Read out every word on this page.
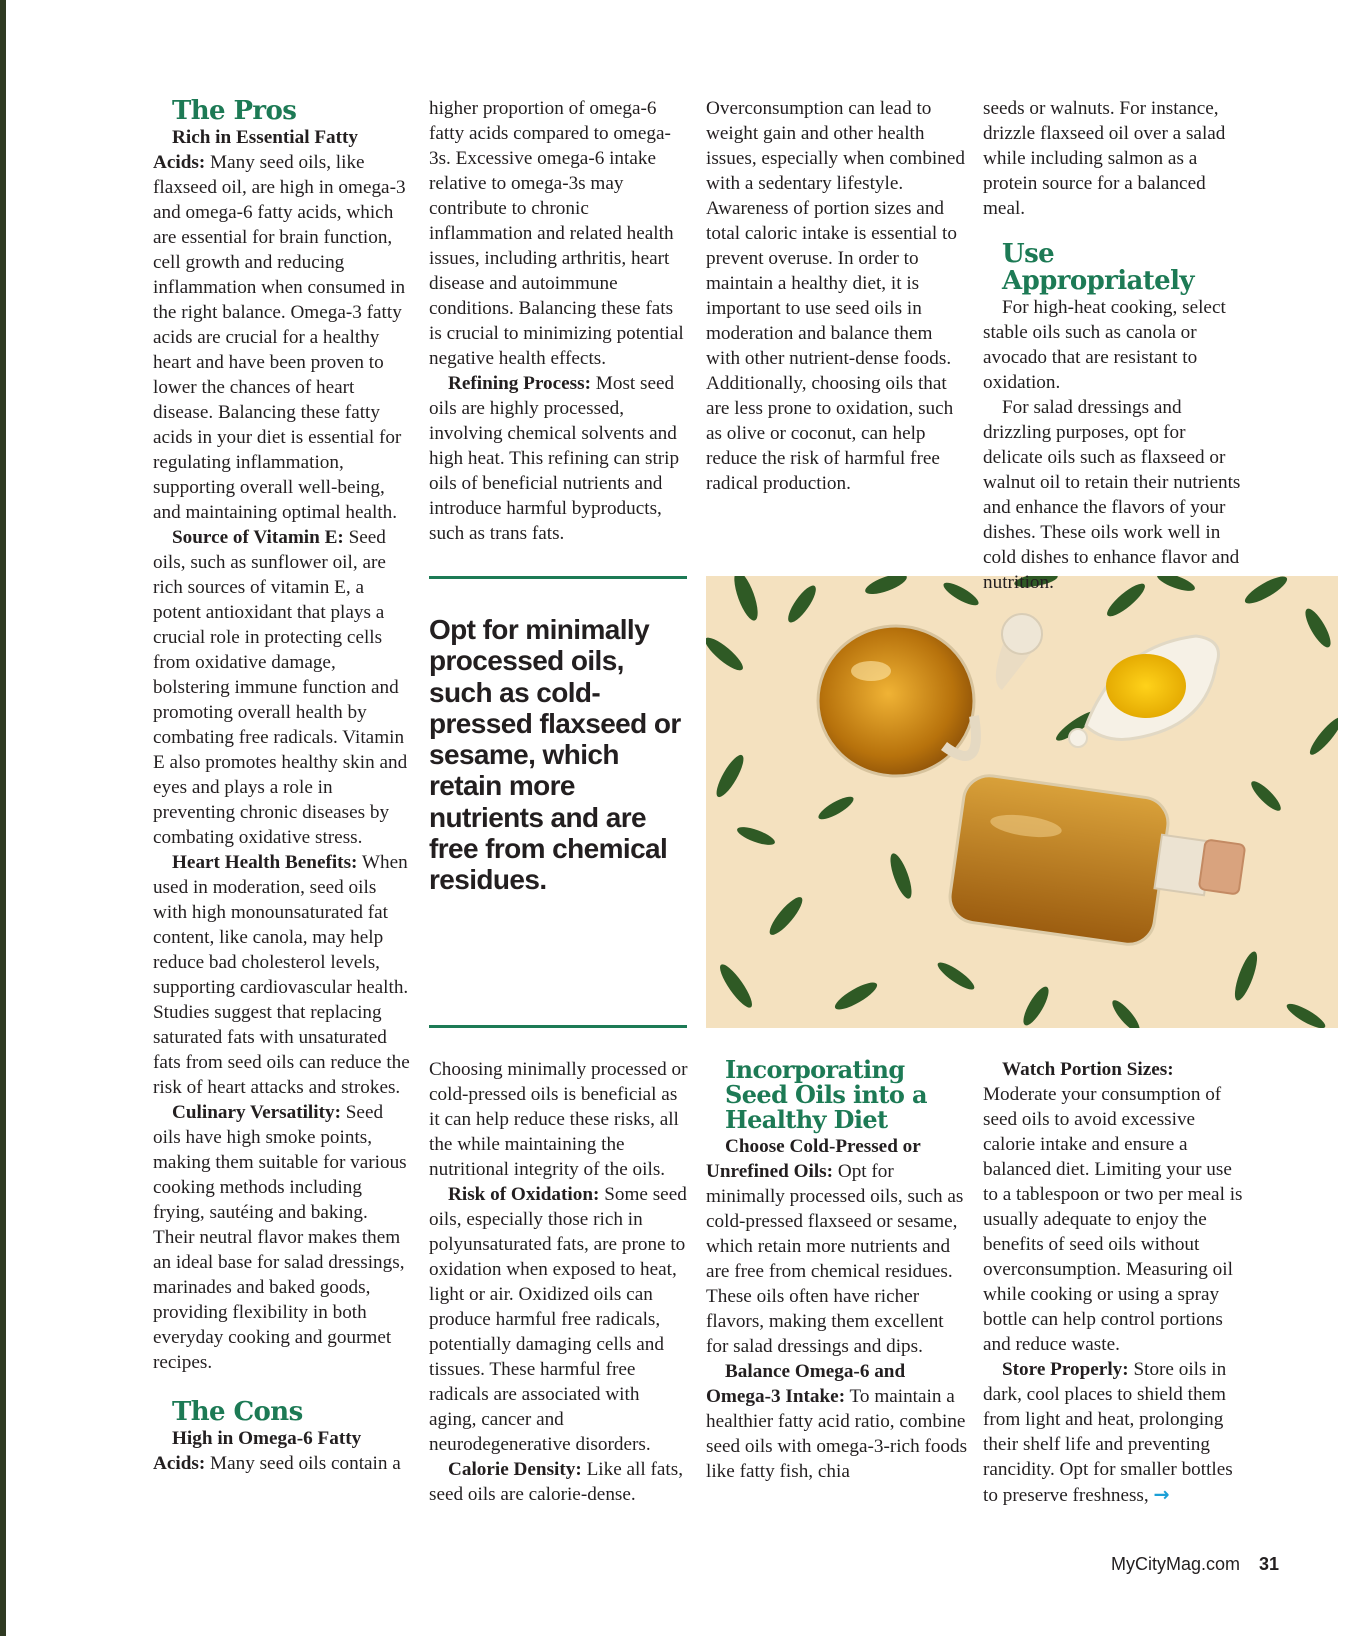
The Pros

Rich in Essential Fatty Acids: Many seed oils, like flaxseed oil, are high in omega-3 and omega-6 fatty acids, which are essential for brain function, cell growth and reducing inflammation when consumed in the right balance. Omega-3 fatty acids are crucial for a healthy heart and have been proven to lower the chances of heart disease. Balancing these fatty acids in your diet is essential for regulating inflammation, supporting overall well-being, and maintaining optimal health.

Source of Vitamin E: Seed oils, such as sunflower oil, are rich sources of vitamin E, a potent antioxidant that plays a crucial role in protecting cells from oxidative damage, bolstering immune function and promoting overall health by combating free radicals. Vitamin E also promotes healthy skin and eyes and plays a role in preventing chronic diseases by combating oxidative stress.

Heart Health Benefits: When used in moderation, seed oils with high monounsaturated fat content, like canola, may help reduce bad cholesterol levels, supporting cardiovascular health. Studies suggest that replacing saturated fats with unsaturated fats from seed oils can reduce the risk of heart attacks and strokes.

Culinary Versatility: Seed oils have high smoke points, making them suitable for various cooking methods including frying, sautéing and baking. Their neutral flavor makes them an ideal base for salad dressings, marinades and baked goods, providing flexibility in both everyday cooking and gourmet recipes.

The Cons

High in Omega-6 Fatty Acids: Many seed oils contain a

higher proportion of omega-6 fatty acids compared to omega-3s. Excessive omega-6 intake relative to omega-3s may contribute to chronic inflammation and related health issues, including arthritis, heart disease and autoimmune conditions. Balancing these fats is crucial to minimizing potential negative health effects.

Refining Process: Most seed oils are highly processed, involving chemical solvents and high heat. This refining can strip oils of beneficial nutrients and introduce harmful byproducts, such as trans fats.

Opt for minimally processed oils, such as cold-pressed flaxseed or sesame, which retain more nutrients and are free from chemical residues.

Choosing minimally processed or cold-pressed oils is beneficial as it can help reduce these risks, all the while maintaining the nutritional integrity of the oils.

Risk of Oxidation: Some seed oils, especially those rich in polyunsaturated fats, are prone to oxidation when exposed to heat, light or air. Oxidized oils can produce harmful free radicals, potentially damaging cells and tissues. These harmful free radicals are associated with aging, cancer and neurodegenerative disorders.

Calorie Density: Like all fats, seed oils are calorie-dense.

Overconsumption can lead to weight gain and other health issues, especially when combined with a sedentary lifestyle. Awareness of portion sizes and total caloric intake is essential to prevent overuse. In order to maintain a healthy diet, it is important to use seed oils in moderation and balance them with other nutrient-dense foods. Additionally, choosing oils that are less prone to oxidation, such as olive or coconut, can help reduce the risk of harmful free radical production.

Incorporating Seed Oils into a Healthy Diet

Choose Cold-Pressed or Unrefined Oils: Opt for minimally processed oils, such as cold-pressed flaxseed or sesame, which retain more nutrients and are free from chemical residues. These oils often have richer flavors, making them excellent for salad dressings and dips.

Balance Omega-6 and Omega-3 Intake: To maintain a healthier fatty acid ratio, combine seed oils with omega-3-rich foods like fatty fish, chia

seeds or walnuts. For instance, drizzle flaxseed oil over a salad while including salmon as a protein source for a balanced meal.

Use Appropriately

For high-heat cooking, select stable oils such as canola or avocado that are resistant to oxidation.

For salad dressings and drizzling purposes, opt for delicate oils such as flaxseed or walnut oil to retain their nutrients and enhance the flavors of your dishes. These oils work well in cold dishes to enhance flavor and nutrition.

Watch Portion Sizes: Moderate your consumption of seed oils to avoid excessive calorie intake and ensure a balanced diet. Limiting your use to a tablespoon or two per meal is usually adequate to enjoy the benefits of seed oils without overconsumption. Measuring oil while cooking or using a spray bottle can help control portions and reduce waste.

Store Properly: Store oils in dark, cool places to shield them from light and heat, prolonging their shelf life and preventing rancidity. Opt for smaller bottles to preserve freshness, →

MyCityMag.com 31
